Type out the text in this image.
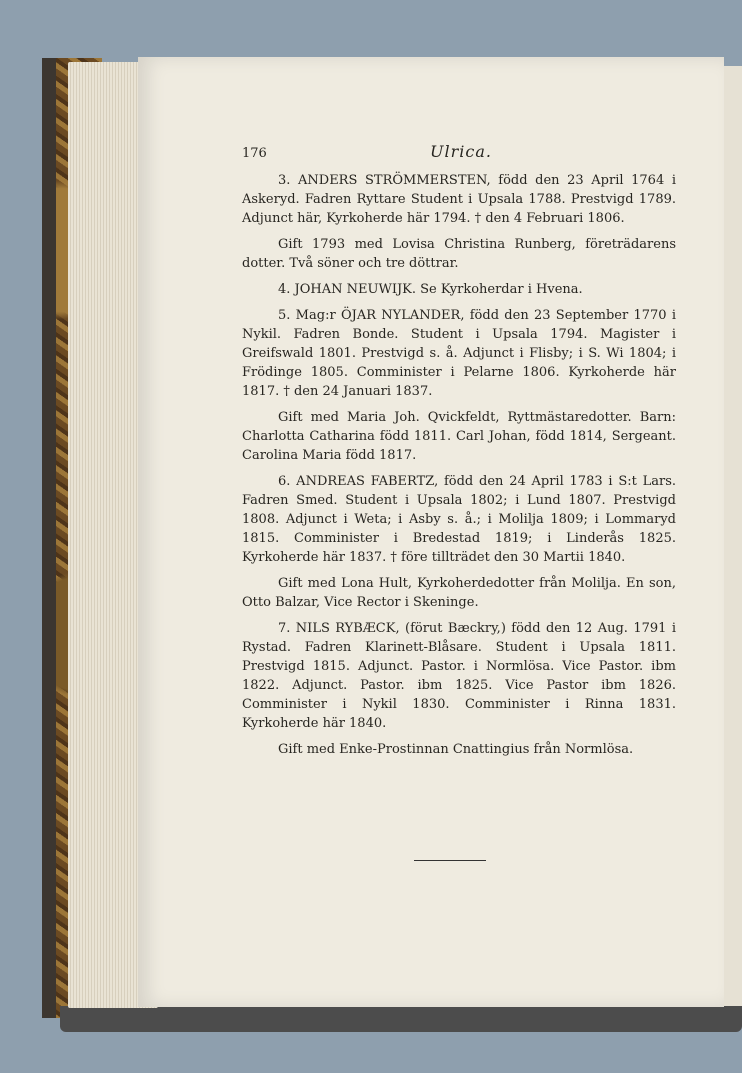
176	Ulrica.

3. ANDERS STRÖMMERSTEN, född den 23 April 1764 i Askeryd. Fadren Ryttare Student i Upsala 1788. Prestvigd 1789. Adjunct här, Kyrkoherde här 1794. † den 4 Februari 1806.

Gift 1793 med Lovisa Christina Runberg, företrädarens dotter. Två söner och tre döttrar.

4. JOHAN NEUWIJK. Se Kyrkoherdar i Hvena.

5. Mag:r ÖJAR NYLANDER, född den 23 September 1770 i Nykil. Fadren Bonde. Student i Upsala 1794. Magister i Greifswald 1801. Prestvigd s. å. Adjunct i Flisby; i S. Wi 1804; i Frödinge 1805. Comminister i Pelarne 1806. Kyrkoherde här 1817. † den 24 Januari 1837.

Gift med Maria Joh. Qvickfeldt, Ryttmästaredotter. Barn: Charlotta Catharina född 1811. Carl Johan, född 1814, Sergeant. Carolina Maria född 1817.

6. ANDREAS FABERTZ, född den 24 April 1783 i S:t Lars. Fadren Smed. Student i Upsala 1802; i Lund 1807. Prestvigd 1808. Adjunct i Weta; i Asby s. å.; i Molilja 1809; i Lommaryd 1815. Comminister i Bredestad 1819; i Linderås 1825. Kyrkoherde här 1837. † före tillträdet den 30 Martii 1840.

Gift med Lona Hult, Kyrkoherdedotter från Molilja. En son, Otto Balzar, Vice Rector i Skeninge.

7. NILS RYBÆCK, (förut Bæckry,) född den 12 Aug. 1791 i Rystad. Fadren Klarinett-Blåsare. Student i Upsala 1811. Prestvigd 1815. Adjunct. Pastor. i Normlösa. Vice Pastor. ibm 1822. Adjunct. Pastor. ibm 1825. Vice Pastor ibm 1826. Comminister i Nykil 1830. Comminister i Rinna 1831. Kyrkoherde här 1840.

Gift med Enke-Prostinnan Cnattingius från Normlösa.
